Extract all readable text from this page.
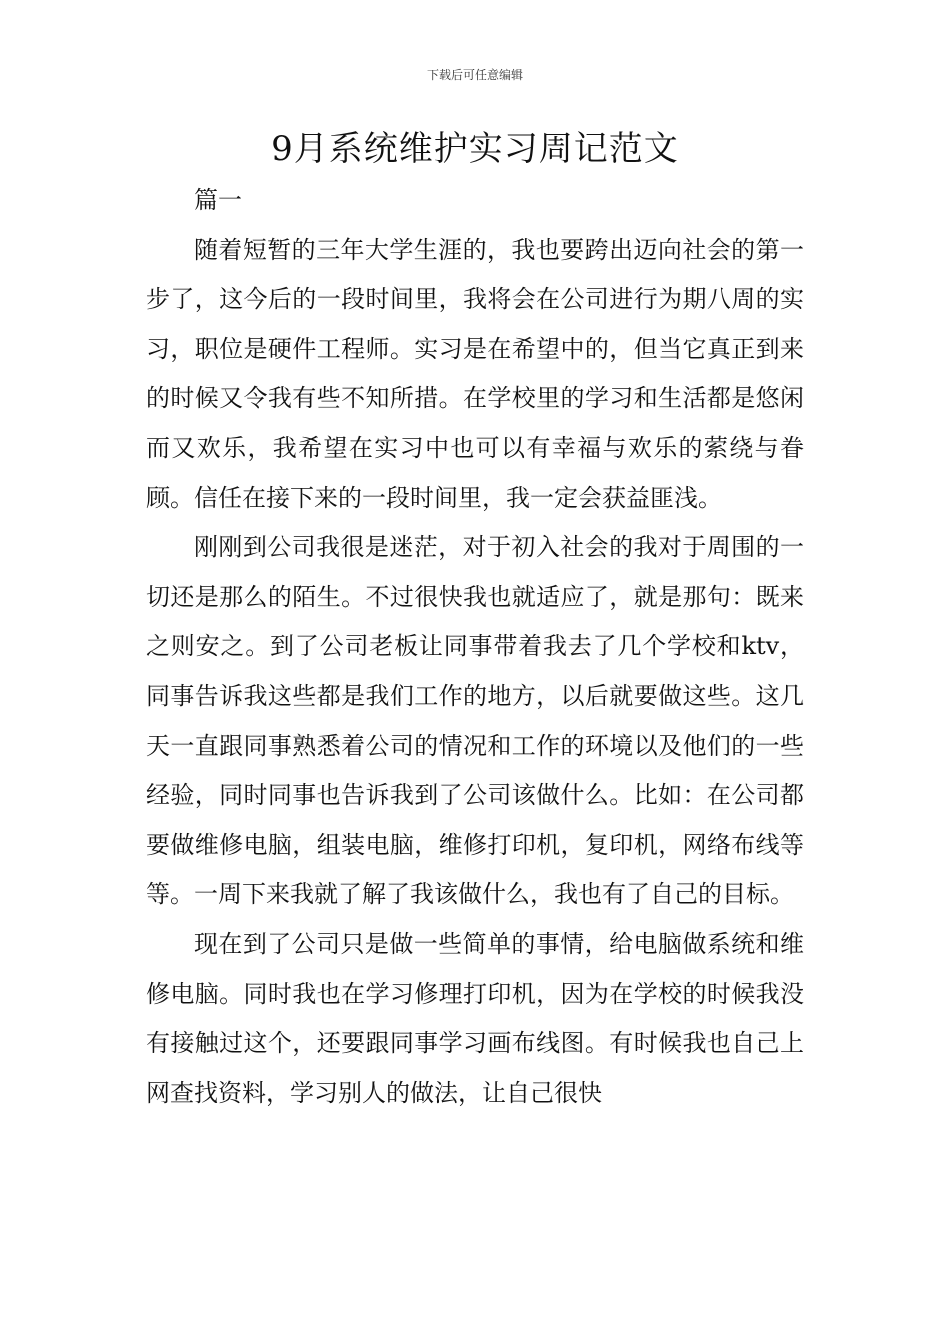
下载后可任意编辑
9月系统维护实习周记范文

篇一

随着短暂的三年大学生涯的，我也要跨出迈向社会的第一步了，这今后的一段时间里，我将会在公司进行为期八周的实习，职位是硬件工程师。实习是在希望中的，但当它真正到来的时候又令我有些不知所措。在学校里的学习和生活都是悠闲而又欢乐，我希望在实习中也可以有幸福与欢乐的萦绕与眷顾。信任在接下来的一段时间里，我一定会获益匪浅。

刚刚到公司我很是迷茫，对于初入社会的我对于周围的一切还是那么的陌生。不过很快我也就适应了，就是那句：既来之则安之。到了公司老板让同事带着我去了几个学校和ktv，同事告诉我这些都是我们工作的地方，以后就要做这些。这几天一直跟同事熟悉着公司的情况和工作的环境以及他们的一些经验，同时同事也告诉我到了公司该做什么。比如：在公司都要做维修电脑，组装电脑，维修打印机，复印机，网络布线等等。一周下来我就了解了我该做什么，我也有了自己的目标。

现在到了公司只是做一些简单的事情，给电脑做系统和维修电脑。同时我也在学习修理打印机，因为在学校的时候我没有接触过这个，还要跟同事学习画布线图。有时候我也自己上网查找资料，学习别人的做法，让自己很快
